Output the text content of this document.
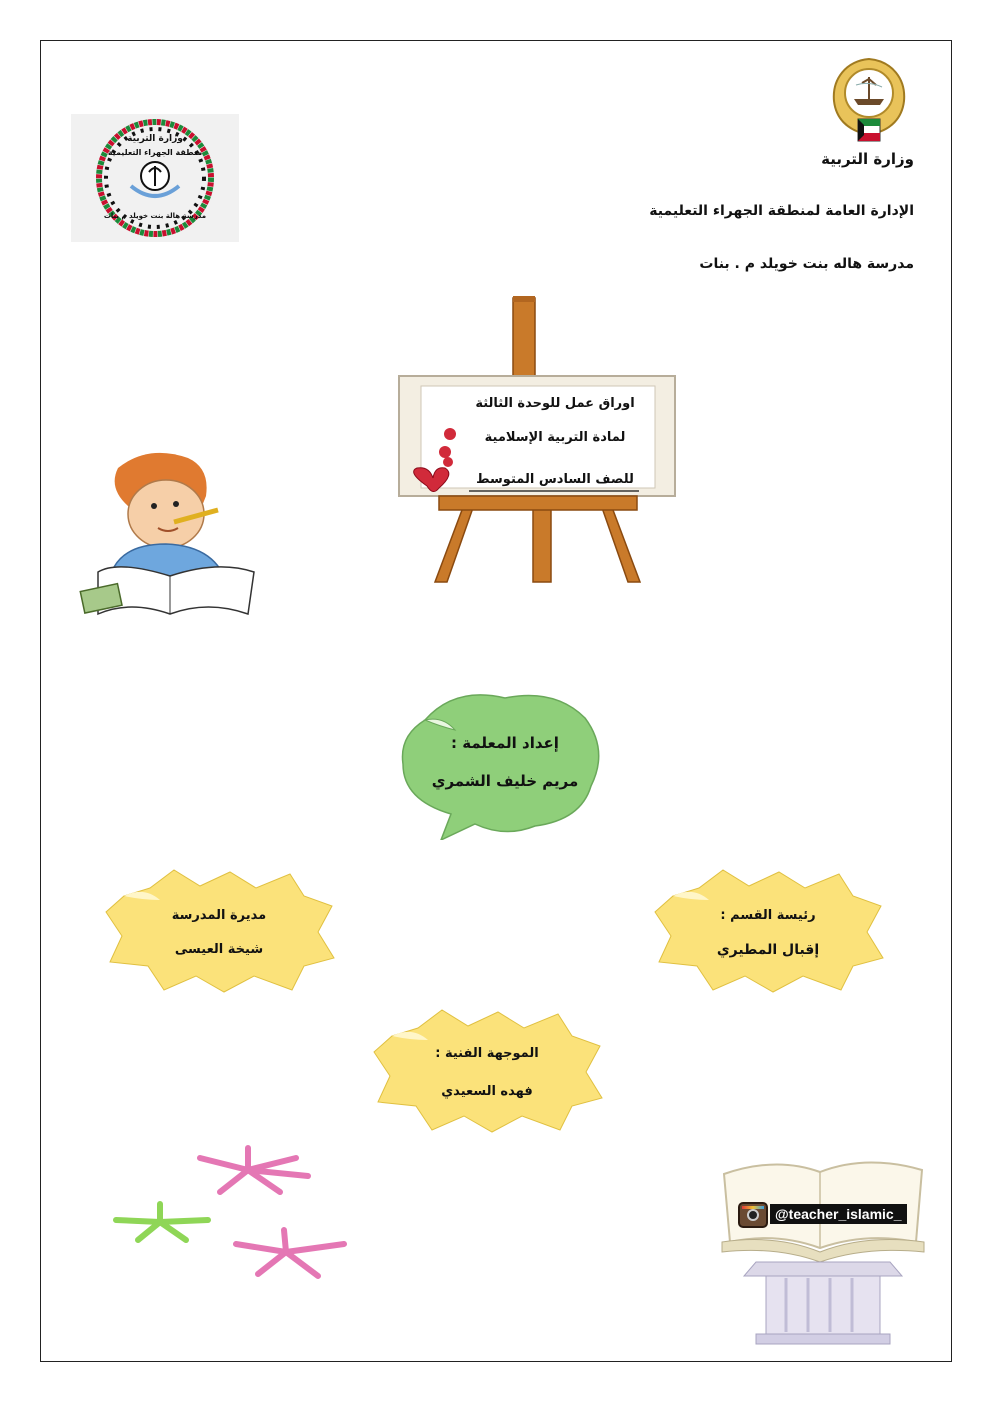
وزارة التربية
الإدارة العامة لمنطقة الجهراء التعليمية
مدرسة هاله بنت خويلد م . بنات
وزارة التربية
منطقة الجهراء التعليمية
مدرسة هالة بنت خويلد م بنات
اوراق عمل للوحدة الثالثة
لمادة التربية الإسلامية
للصف السادس المتوسط
إعداد المعلمة :
مريم خليف الشمري
مديرة المدرسة
شيخة العيسى
رئيسة القسم :
إقبال المطيري
الموجهة الفنية :
فهده السعيدي
@teacher_islamic_
